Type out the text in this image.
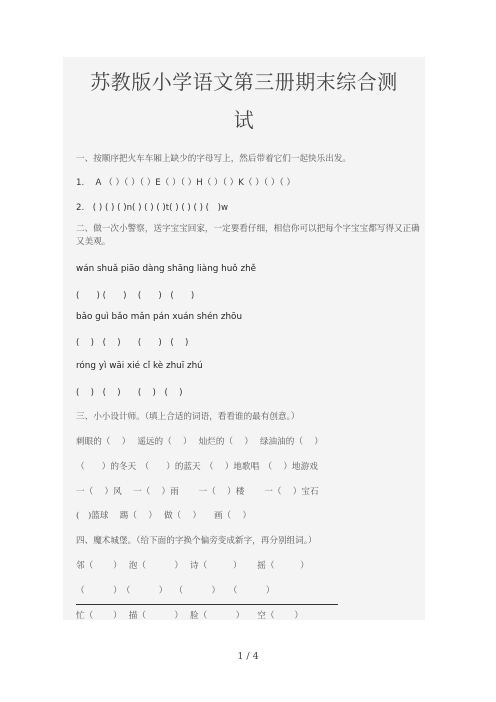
苏教版小学语文第三册期末综合测
试
一、按顺序把火车车厢上缺少的字母写上，然后带着它们一起快乐出发。
1.　 A （ ）（ ）（ ）E（ ）（ ）H（ ）（ ）K（ ）（ ）（ ）
2.　( ) ( ) ( )n( ) ( ) ( )t( ) ( ) ( ) (　)w
二、做一次小警察，送字宝宝回家，一定要看仔细，相信你可以把每个字宝宝都写得又正确又美观。
wán shuǎ piāo dàng shāng liàng huǒ zhě
(　　) (　　)　 (　　)　(　　)
bǎo guì bǎo mǎn pán xuán shén zhōu
(　 )　(　 )　　(　　)　(　 )
róng yì wāi xié cǐ kè zhuī zhú
(　 )　(　 )　　(　 )　(　 )
三、小小设计师。（填上合适的词语，看看谁的最有创意。）
刺眼的（　 ）　 遥远的（　 ）　 灿烂的（　 ）　 绿油油的（　 ）
（　　）的冬天　（　　）的蓝天　（　 ）地歌唱　（　 ）地游戏
一（　 ）风　 一（　 ）雨　　 一（　 ）楼　　 一（　 ）宝石
(　)篮球　 踢（　 ）　 做（　 ）　　画（　 ）
四、魔术城堡。（给下面的字换个偏旁变成新字，再分别组词。）
邻（　　 ）　 泡（　　　 ）　 诗（　　　）　　 摇（　　　）
（　　　 ）　（　　　 ）　 （　　　 ）　　（　　　 ）
忙（　　 ）　 描（　　　 ）　 脸（　　　 ）　　空（　　 ）
1 / 4
